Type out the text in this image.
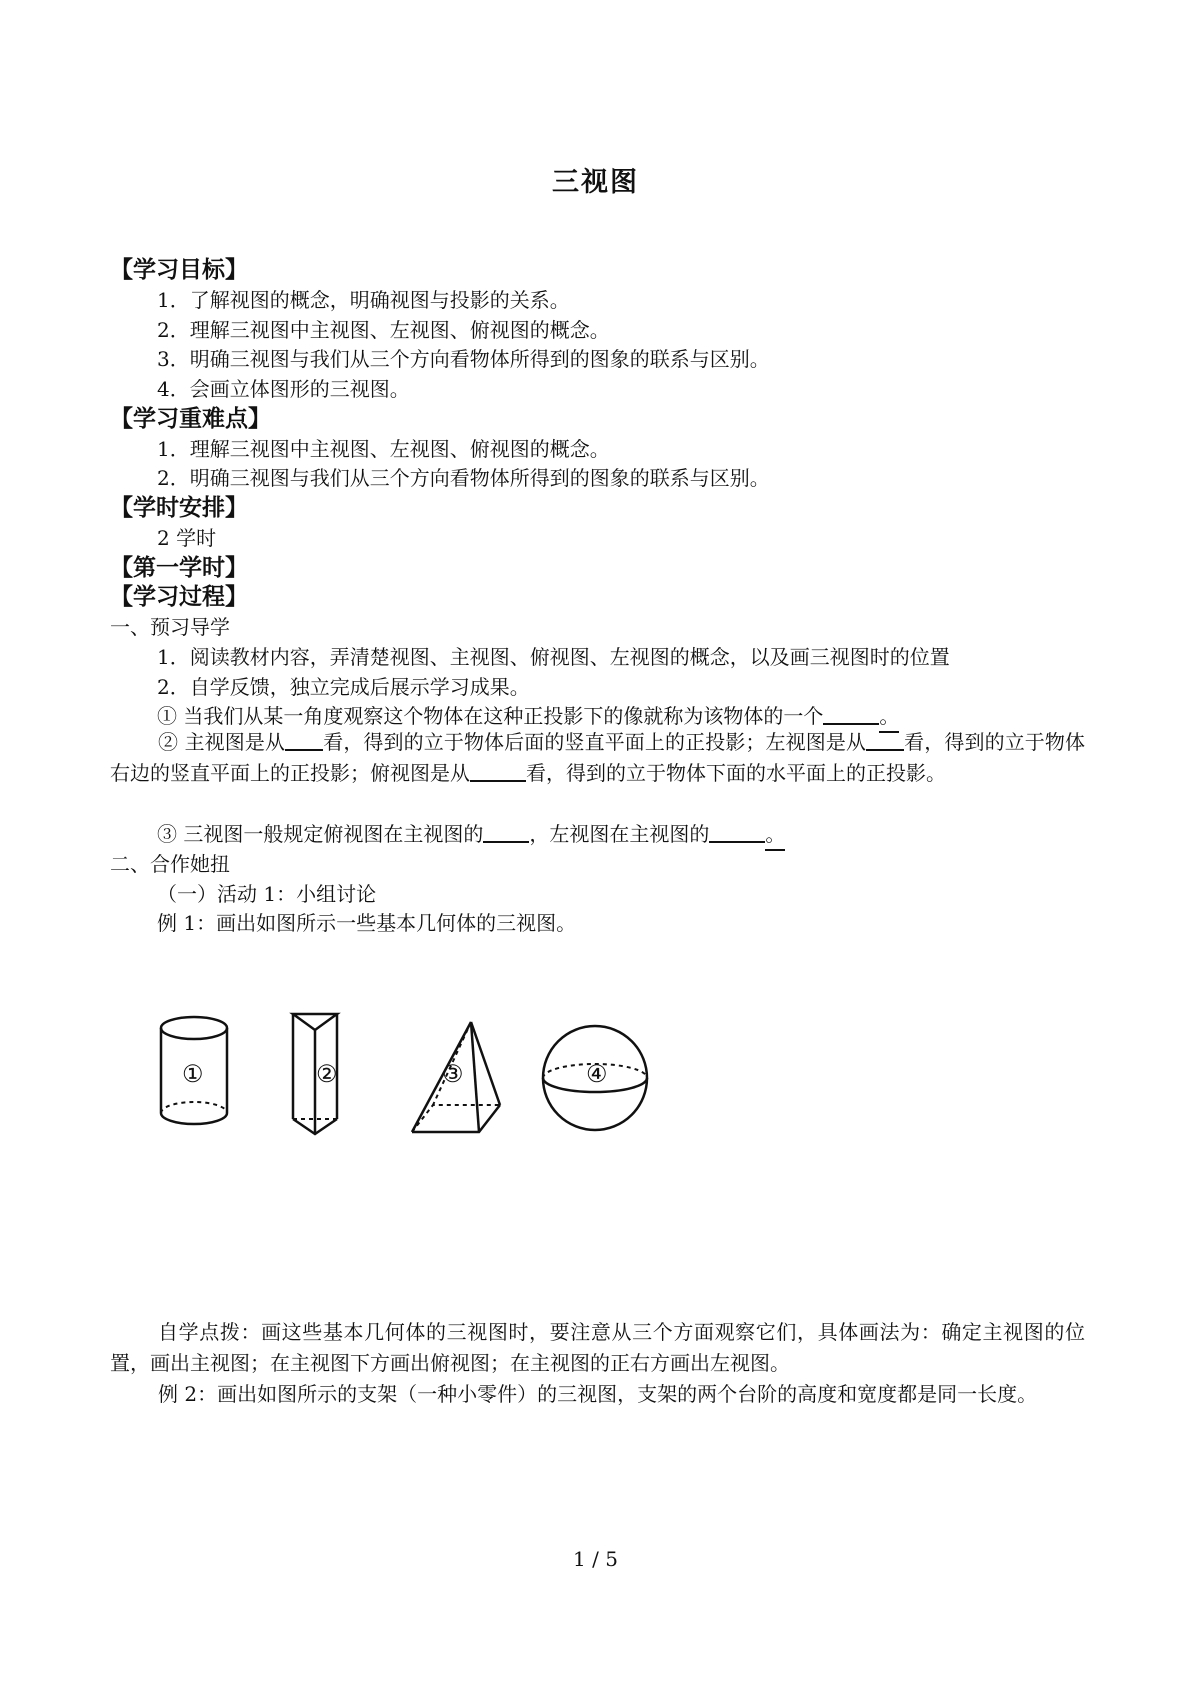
三视图
【学习目标】
1．了解视图的概念，明确视图与投影的关系。
2．理解三视图中主视图、左视图、俯视图的概念。
3．明确三视图与我们从三个方向看物体所得到的图象的联系与区别。
4．会画立体图形的三视图。
【学习重难点】
1．理解三视图中主视图、左视图、俯视图的概念。
2．明确三视图与我们从三个方向看物体所得到的图象的联系与区别。
【学时安排】
2 学时
【第一学时】
【学习过程】
一、预习导学
1．阅读教材内容，弄清楚视图、主视图、俯视图、左视图的概念，以及画三视图时的位置
2．自学反馈，独立完成后展示学习成果。
① 当我们从某一角度观察这个物体在这种正投影下的像就称为该物体的一个	。
② 主视图是从 看，得到的立于物体后面的竖直平面上的正投影；左视图是从 看，得到的立于物体右边的竖直平面上的正投影；俯视图是从	看，得到的立于物体下面的水平面上的正投影。
③ 三视图一般规定俯视图在主视图的 ，左视图在主视图的	。
二、合作她扭
（一）活动 1：小组讨论
例 1：画出如图所示一些基本几何体的三视图。
①	②	③	④
自学点拨：画这些基本几何体的三视图时，要注意从三个方面观察它们，具体画法为：确定主视图的位置，画出主视图；在主视图下方画出俯视图；在主视图的正右方画出左视图。
例 2：画出如图所示的支架（一种小零件）的三视图，支架的两个台阶的高度和宽度都是同一长度。
1 / 5
